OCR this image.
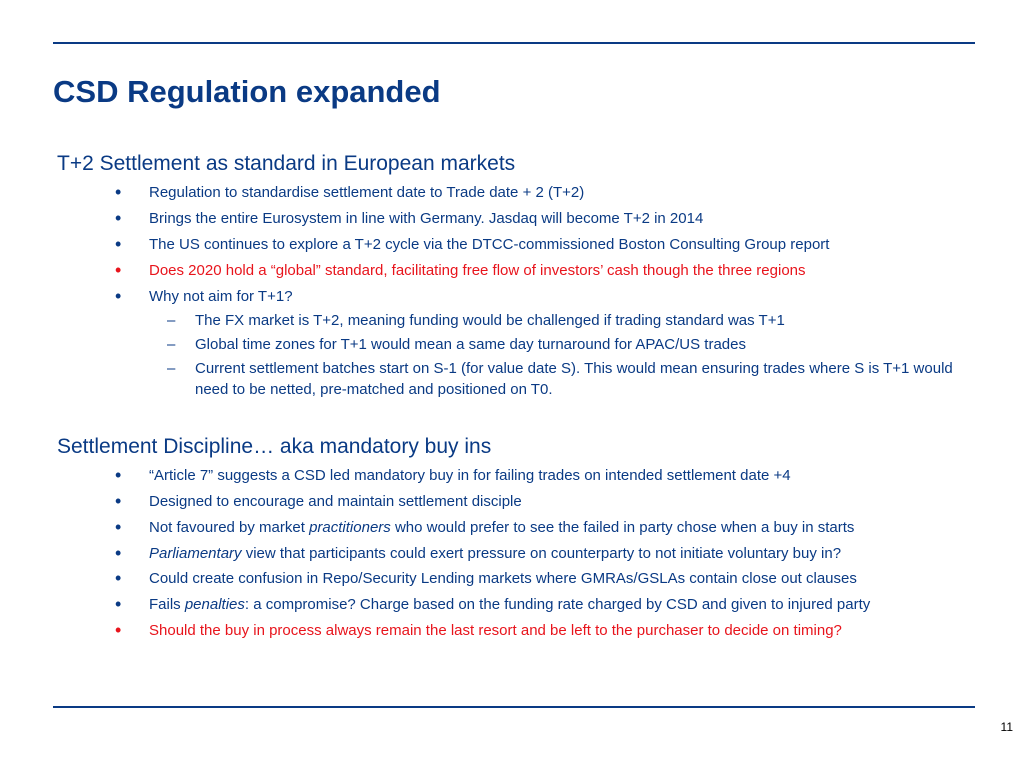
CSD Regulation expanded
T+2 Settlement as standard in European markets
• Regulation to standardise settlement date to Trade date + 2 (T+2)
• Brings the entire Eurosystem in line with Germany. Jasdaq will become T+2 in 2014
• The US continues to explore a T+2 cycle via the DTCC-commissioned Boston Consulting Group report
• Does 2020 hold a “global” standard, facilitating free flow of investors’ cash though the three regions
• Why not aim for T+1?
– The FX market is T+2, meaning funding would be challenged if trading standard was T+1
– Global time zones for T+1 would mean a same day turnaround for APAC/US trades
– Current settlement batches start on S-1 (for value date S). This would mean ensuring trades where S is T+1 would need to be netted, pre-matched and positioned on T0.
Settlement Discipline… aka mandatory buy ins
• “Article 7” suggests a CSD led mandatory buy in for failing trades on intended settlement date +4
• Designed to encourage and maintain settlement disciple
• Not favoured by market practitioners who would prefer to see the failed in party chose when a buy in starts
• Parliamentary view that participants could exert pressure on counterparty to not initiate voluntary buy in?
• Could create confusion in Repo/Security Lending markets where GMRAs/GSLAs contain close out clauses
• Fails penalties: a compromise? Charge based on the funding rate charged by CSD and given to injured party
• Should the buy in process always remain the last resort and be left to the purchaser to decide on timing?
11
